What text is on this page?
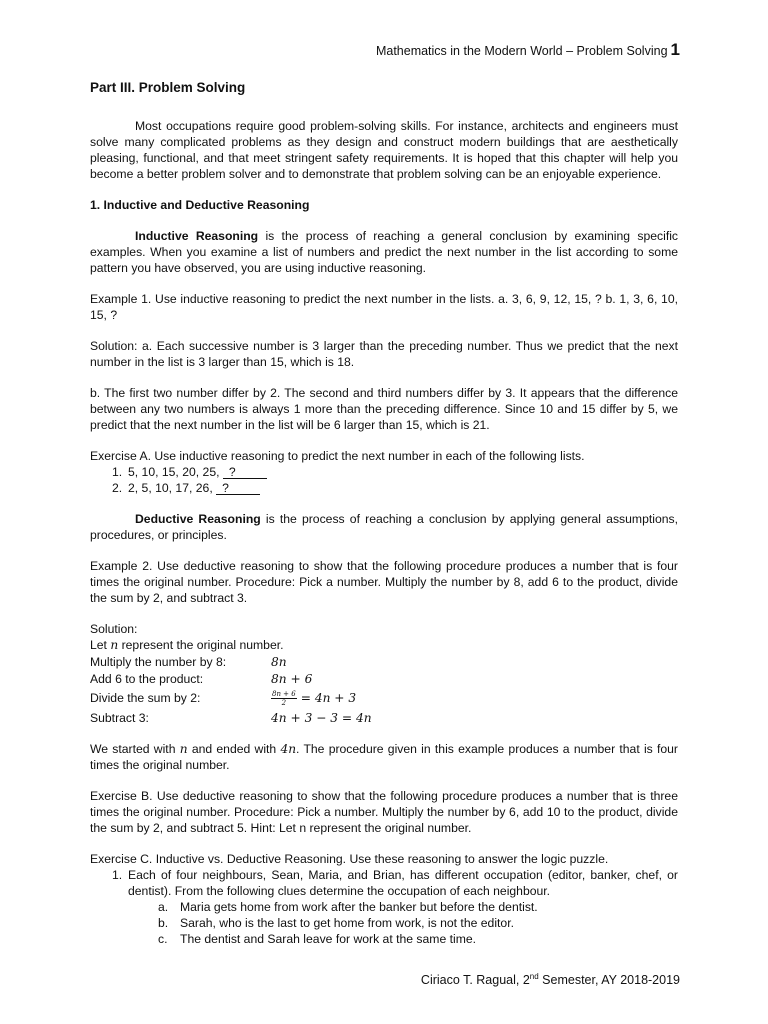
Mathematics in the Modern World – Problem Solving 1
Part III. Problem Solving

Most occupations require good problem-solving skills. For instance, architects and engineers must solve many complicated problems as they design and construct modern buildings that are aesthetically pleasing, functional, and that meet stringent safety requirements. It is hoped that this chapter will help you become a better problem solver and to demonstrate that problem solving can be an enjoyable experience.

1. Inductive and Deductive Reasoning

Inductive Reasoning is the process of reaching a general conclusion by examining specific examples. When you examine a list of numbers and predict the next number in the list according to some pattern you have observed, you are using inductive reasoning.

Example 1. Use inductive reasoning to predict the next number in the lists. a. 3, 6, 9, 12, 15, ? b. 1, 3, 6, 10, 15, ?

Solution: a. Each successive number is 3 larger than the preceding number. Thus we predict that the next number in the list is 3 larger than 15, which is 18.

b. The first two number differ by 2. The second and third numbers differ by 3. It appears that the difference between any two numbers is always 1 more than the preceding difference. Since 10 and 15 differ by 5, we predict that the next number in the list will be 6 larger than 15, which is 21.

Exercise A. Use inductive reasoning to predict the next number in each of the following lists.
1. 5, 10, 15, 20, 25, ?
2. 2, 5, 10, 17, 26, ?

Deductive Reasoning is the process of reaching a conclusion by applying general assumptions, procedures, or principles.

Example 2. Use deductive reasoning to show that the following procedure produces a number that is four times the original number. Procedure: Pick a number. Multiply the number by 8, add 6 to the product, divide the sum by 2, and subtract 3.

Solution:
Let n represent the original number.
Multiply the number by 8:	8n
Add 6 to the product:	8n + 6
Divide the sum by 2:	$\frac{8n + 6}{2} = 4n + 3$
Subtract 3:	4n + 3 − 3 = 4n

We started with n and ended with 4n. The procedure given in this example produces a number that is four times the original number.

Exercise B. Use deductive reasoning to show that the following procedure produces a number that is three times the original number. Procedure: Pick a number. Multiply the number by 6, add 10 to the product, divide the sum by 2, and subtract 5. Hint: Let n represent the original number.

Exercise C. Inductive vs. Deductive Reasoning. Use these reasoning to answer the logic puzzle.
1. Each of four neighbours, Sean, Maria, and Brian, has different occupation (editor, banker, chef, or dentist). From the following clues determine the occupation of each neighbour.
a. Maria gets home from work after the banker but before the dentist.
b. Sarah, who is the last to get home from work, is not the editor.
c. The dentist and Sarah leave for work at the same time.
Ciriaco T. Ragual, 2nd Semester, AY 2018-2019
